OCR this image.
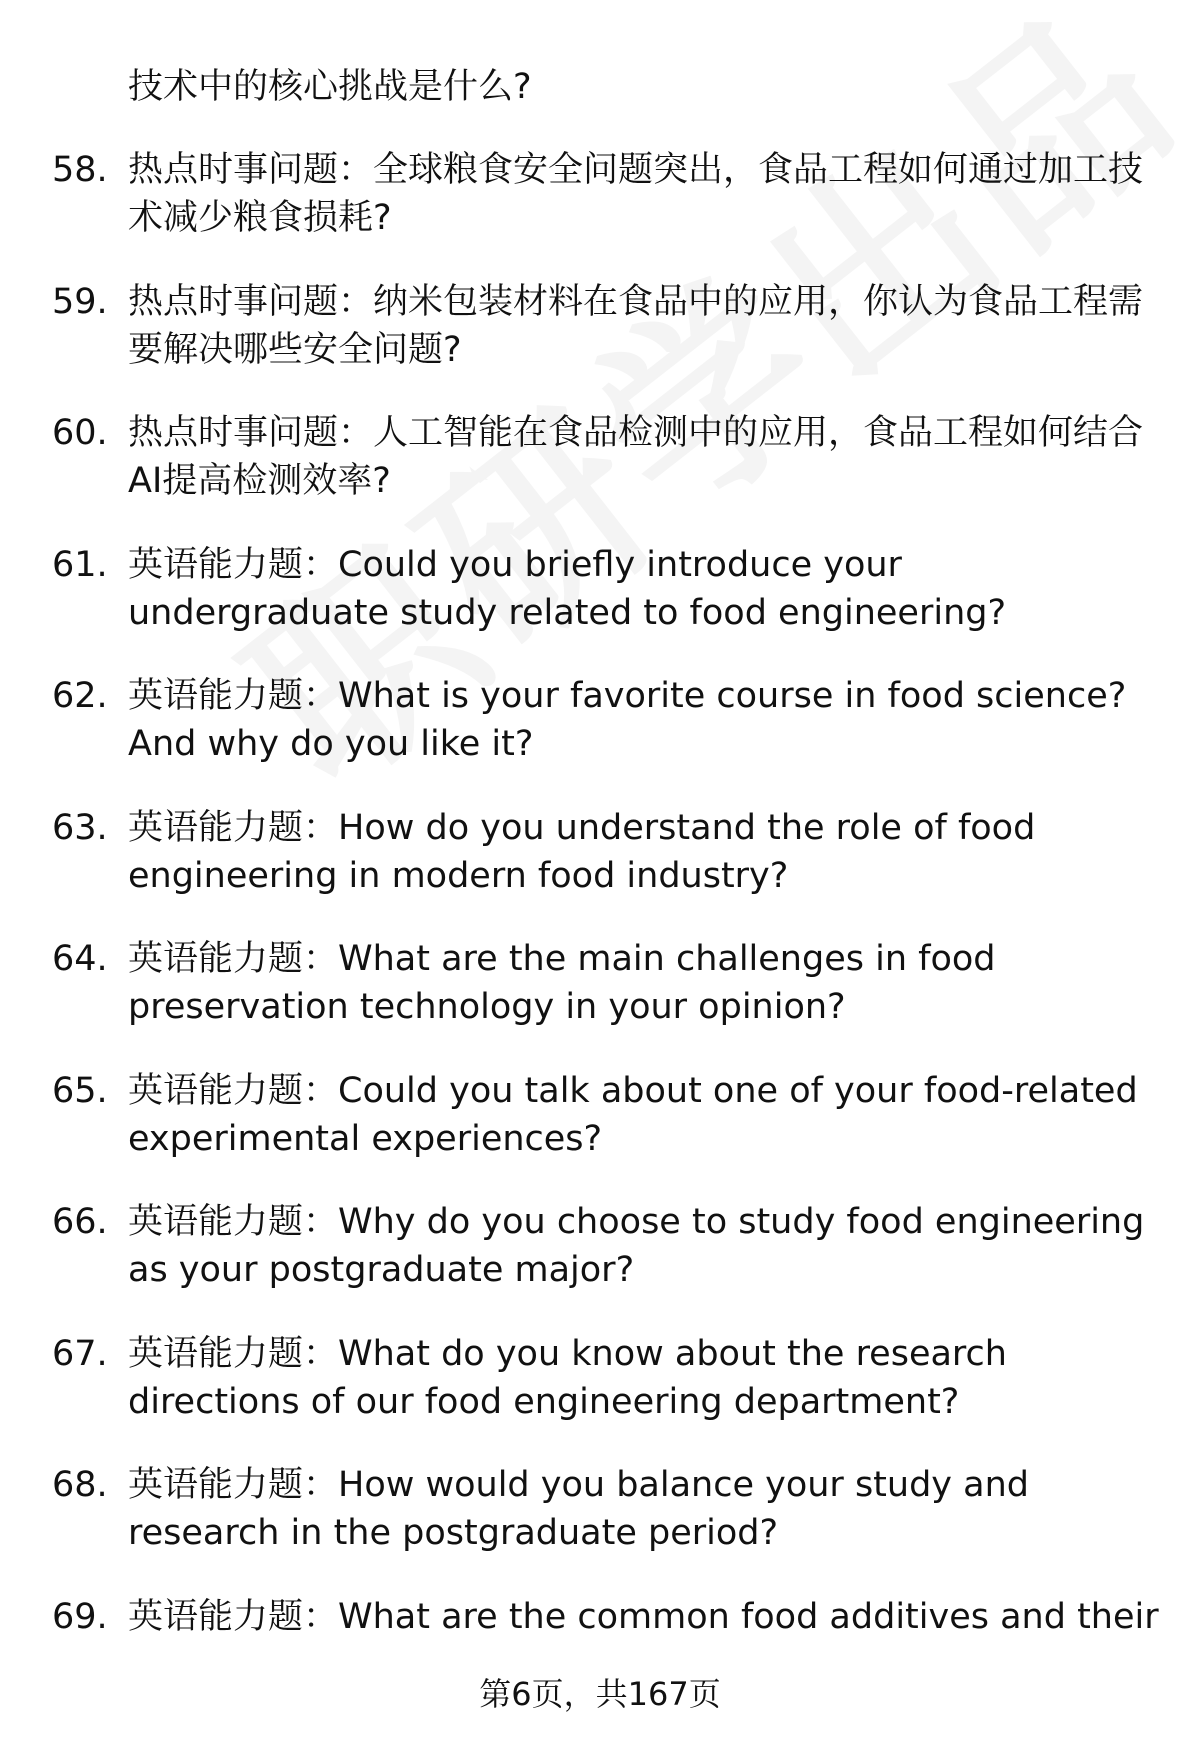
技术中的核心挑战是什么?
58. 热点时事问题：全球粮食安全问题突出，食品工程如何通过加工技术减少粮食损耗?
59. 热点时事问题：纳米包装材料在食品中的应用，你认为食品工程需要解决哪些安全问题?
60. 热点时事问题：人工智能在食品检测中的应用，食品工程如何结合AI提高检测效率?
61. 英语能力题：Could you briefly introduce your undergraduate study related to food engineering?
62. 英语能力题：What is your favorite course in food science? And why do you like it?
63. 英语能力题：How do you understand the role of food engineering in modern food industry?
64. 英语能力题：What are the main challenges in food preservation technology in your opinion?
65. 英语能力题：Could you talk about one of your food-related experimental experiences?
66. 英语能力题：Why do you choose to study food engineering as your postgraduate major?
67. 英语能力题：What do you know about the research directions of our food engineering department?
68. 英语能力题：How would you balance your study and research in the postgraduate period?
69. 英语能力题：What are the common food additives and their
第6页，共167页
